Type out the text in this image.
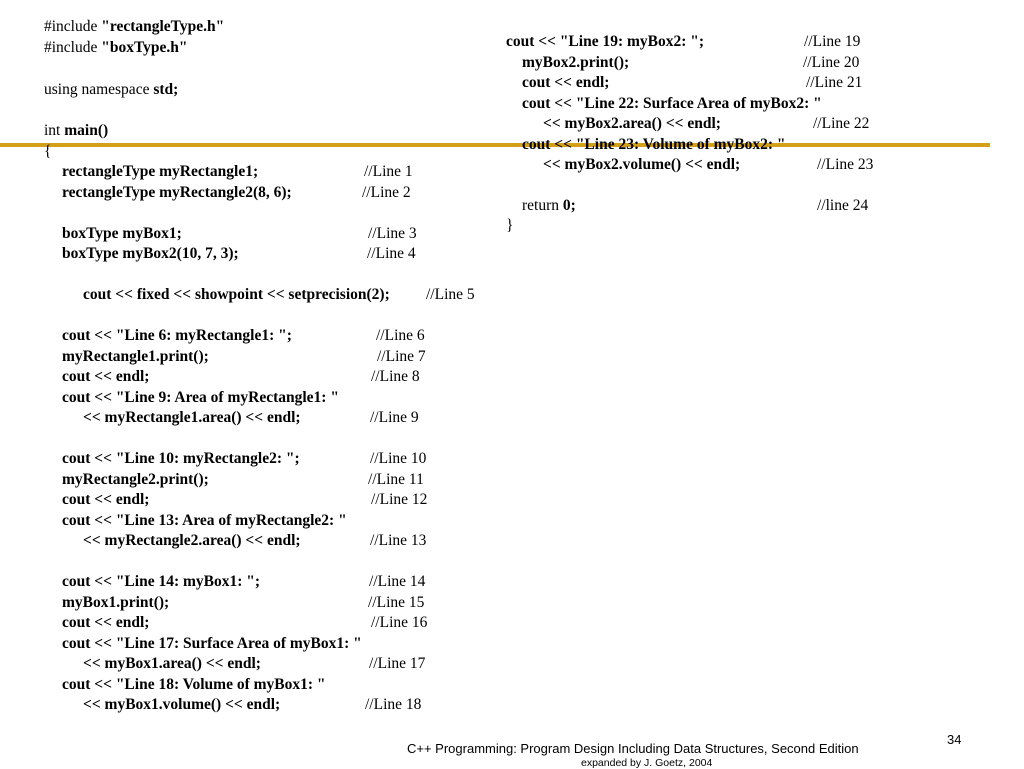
#include "rectangleType.h"
#include "boxType.h"
using namespace std;
int main()
{
rectangleType myRectangle1;	//Line 1
rectangleType myRectangle2(8, 6);	//Line 2
boxType myBox1;	//Line 3
boxType myBox2(10, 7, 3);	//Line 4
cout << fixed << showpoint << setprecision(2); //Line 5
cout << "Line 6: myRectangle1: ";	//Line 6
myRectangle1.print();	//Line 7
cout << endl;	//Line 8
cout << "Line 9: Area of myRectangle1: "
<< myRectangle1.area() << endl;	//Line 9
cout << "Line 10: myRectangle2: ";	//Line 10
myRectangle2.print();	//Line 11
cout << endl;	//Line 12
cout << "Line 13: Area of myRectangle2: "
<< myRectangle2.area() << endl;	//Line 13
cout << "Line 14: myBox1: ";	//Line 14
myBox1.print();	//Line 15
cout << endl;	//Line 16
cout << "Line 17: Surface Area of myBox1: "
<< myBox1.area() << endl;	//Line 17
cout << "Line 18: Volume of myBox1: "
<< myBox1.volume() << endl;	//Line 18
cout << "Line 19: myBox2: ";	//Line 19
myBox2.print();	//Line 20
cout << endl;	//Line 21
cout << "Line 22: Surface Area of myBox2: "
<< myBox2.area() << endl;	//Line 22
cout << "Line 23: Volume of myBox2: "
<< myBox2.volume() << endl;	//Line 23
return 0;	//line 24
}
34
C++ Programming: Program Design Including Data Structures, Second Edition
expanded by J. Goetz, 2004
